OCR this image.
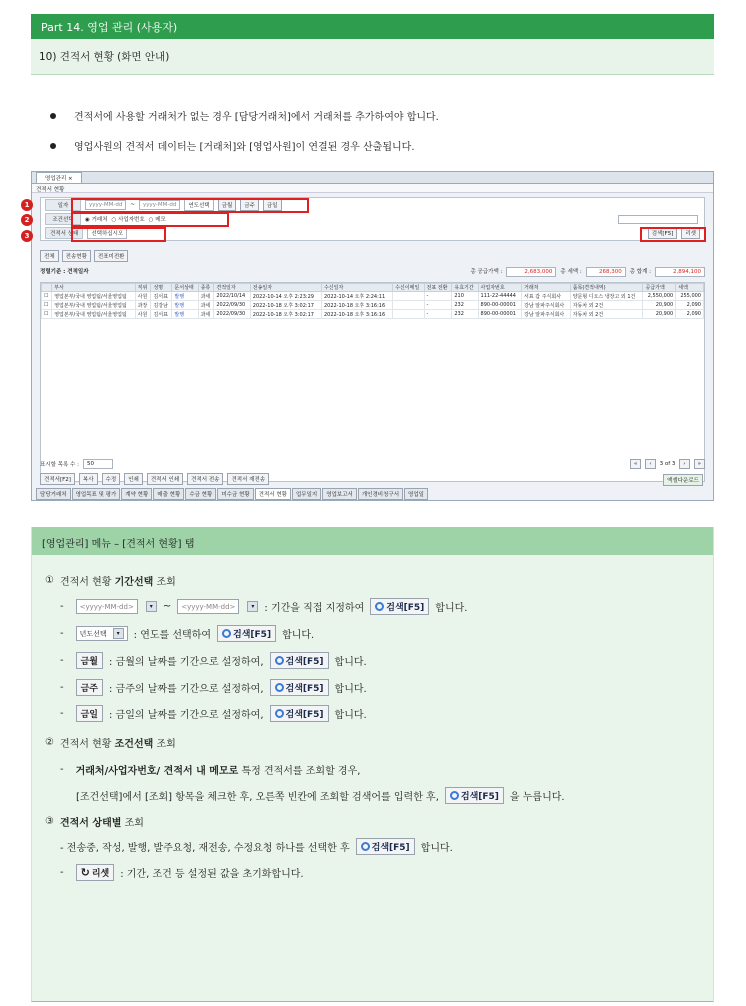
Part 14. 영업 관리 (사용자)
10) 견적서 현황 (화면 안내)
견적서에 사용할 거래처가 없는 경우 [담당거래처]에서 거래처를 추가하여야 합니다.
영업사원의 견적서 데이터는 [거래처]와 [영업사원]이 연결된 경우 산출됩니다.
영업관리 ×
견적서 현황
일자	yyyy-MM-dd	~	yyyy-MM-dd	연도선택	금월	금주	금일
조건선택	◉ 거래처 ○ 사업자번호 ○ 메모
견적서 상태	선택하십시오	검색[F5]	리셋
전체	전송현황	전표미전환
정렬기준 : 견적일자	총 공급가액 :	2,683,000	총 세액 :	268,300	총 합계 :	2,894,100
	부서	직위	성명	문서상태	종류	견적일자	전송일자	수신일자	수신이메일	전표 전환	유효기간	사업자번호	거래처	품목(견적내역)	공급가액	세액
☐	영업본부/국내 영업팀/서울영업팀	사원	김서표	발행	과세	2022/10/14	2022-10-14 오후 2:23:29	2022-10-14 오후 2:24:11		-	210	111-22-44444	서표 갑 주식회사	양문형 디오스 냉장고 외 1건	2,550,000	255,000
☐	영업본부/국내 영업팀/서울영업팀	과장	김강남	발행	과세	2022/09/30	2022-10-18 오후 3:02:17	2022-10-18 오후 3:16:16		-	232	890-00-00001	강남 알파주식회사	자동차 외 2건	20,900	2,090
☐	영업본부/국내 영업팀/서울영업팀	사원	김서표	발행	과세	2022/09/30	2022-10-18 오후 3:02:17	2022-10-18 오후 3:16:16		-	232	890-00-00001	강남 알파주식회사	자동차 외 2건	20,900	2,090
표시할 목록 수 :	50	«	‹	3 of 3	›	»
견적서[F2]	복사	수정	인쇄	견적서 인쇄	견적서 전송	견적서 재전송	엑셀다운로드
담당거래처	영업목표 및 평가	계약 현황	매출 현황	수금 현황	미수금 현황	견적서 현황	업무일지	영업보고서	개인경비청구서	영업일
1
2
3
[영업관리] 메뉴 – [견적서 현황] 탭
① 견적서 현황 기간선택 조회
- <yyyy-MM-dd>	▾	~ <yyyy-MM-dd>	▾	: 기간을 직접 지정하여 검색[F5] 합니다.
- 년도선택	▾	: 연도를 선택하여 검색[F5] 합니다.
-	금월	: 금월의 날짜를 기간으로 설정하여, 검색[F5] 합니다.
-	금주	: 금주의 날짜를 기간으로 설정하여, 검색[F5] 합니다.
-	금일	: 금일의 날짜를 기간으로 설정하여, 검색[F5] 합니다.
② 견적서 현황 조건선택 조회
- 거래처/사업자번호/ 견적서 내 메모로 특정 견적서를 조회할 경우,
[조건선택]에서 [조회] 항목을 체크한 후, 오른쪽 빈칸에 조회할 검색어를 입력한 후, 검색[F5] 을 누릅니다.
③ 견적서 상태별 조회
- 전송중, 작성, 발행, 발주요청, 재전송, 수정요청 하나를 선택한 후 검색[F5] 합니다.
- ↻ 리셋 : 기간, 조건 등 설정된 값을 초기화합니다.
